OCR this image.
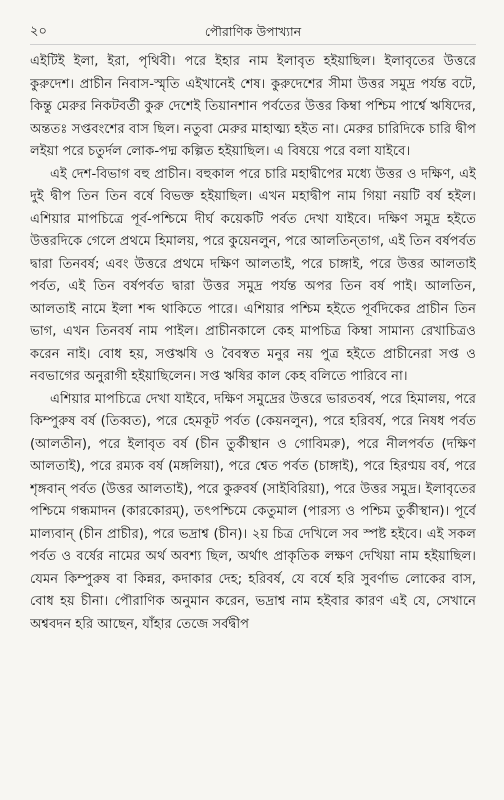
২০	পৌরাণিক উপাখ্যান

এইটিই ইলা, ইরা, পৃথিবী। পরে ইহার নাম ইলাবৃত হইয়াছিল। ইলাবৃতের উত্তরে কুরুদেশ। প্রাচীন নিবাস-স্মৃতি এইখানেই শেষ। কুরুদেশের সীমা উত্তর সমুদ্র পর্যন্ত বটে, কিন্তু মেরুর নিকটবর্তী কুরু দেশেই তিয়ানশান পর্বতের উত্তর কিম্বা পশ্চিম পার্শ্বে ঋষিদের, অন্ততঃ সপ্তবংশের বাস ছিল। নতুবা মেরুর মাহাত্ম্য হইত না। মেরুর চারিদিকে চারি দ্বীপ লইয়া পরে চতুর্দল লোক-পদ্ম কল্পিত হইয়াছিল। এ বিষয়ে পরে বলা যাইবে।

এই দেশ-বিভাগ বহু প্রাচীন। বহুকাল পরে চারি মহাদ্বীপের মধ্যে উত্তর ও দক্ষিণ, এই দুই দ্বীপ তিন তিন বর্ষে বিভক্ত হইয়াছিল। এখন মহাদ্বীপ নাম গিয়া নয়টি বর্ষ হইল। এশিয়ার মাপচিত্রে পূর্ব-পশ্চিমে দীর্ঘ কয়েকটি পর্বত দেখা যাইবে। দক্ষিণ সমুদ্র হইতে উত্তরদিকে গেলে প্রথমে হিমালয়, পরে কুয়েনলুন, পরে আলতিন্‌তাগ, এই তিন বর্ষপর্বত দ্বারা তিনবর্ষ; এবং উত্তরে প্রথমে দক্ষিণ আলতাই, পরে চাঙ্গাই, পরে উত্তর আলতাই পর্বত, এই তিন বর্ষপর্বত দ্বারা উত্তর সমুদ্র পর্যন্ত অপর তিন বর্ষ পাই। আলতিন, আলতাই নামে ইলা শব্দ থাকিতে পারে। এশিয়ার পশ্চিম হইতে পূর্বদিকের প্রাচীন তিন ভাগ, এখন তিনবর্ষ নাম পাইল। প্রাচীনকালে কেহ মাপচিত্র কিম্বা সামান্য রেখাচিত্রও করেন নাই। বোধ হয়, সপ্তঋষি ও বৈবস্বত মনুর নয় পুত্র হইতে প্রাচীনেরা সপ্ত ও নবভাগের অনুরাগী হইয়াছিলেন। সপ্ত ঋষির কাল কেহ বলিতে পারিবে না।

এশিয়ার মাপচিত্রে দেখা যাইবে, দক্ষিণ সমুদ্রের উত্তরে ভারতবর্ষ, পরে হিমালয়, পরে কিম্পুরুষ বর্ষ (তিব্বত), পরে হেমকূট পর্বত (কেয়নলুন), পরে হরিবর্ষ, পরে নিষধ পর্বত (আলতীন), পরে ইলাবৃত বর্ষ (চীন তুর্কীস্থান ও গোবিমরু), পরে নীলপর্বত (দক্ষিণ আলতাই), পরে রম্যক বর্ষ (মঙ্গলিয়া), পরে শ্বেত পর্বত (চাঙ্গাই), পরে হিরণ্ময় বর্ষ, পরে শৃঙ্গবান্‌ পর্বত (উত্তর আলতাই), পরে কুরুবর্ষ (সাইবিরিয়া), পরে উত্তর সমুদ্র। ইলাবৃতের পশ্চিমে গন্ধমাদন (কারকোরম্‌), তৎপশ্চিমে কেতুমাল (পারস্য ও পশ্চিম তুর্কীস্থান)। পূর্বে মাল্যবান্‌ (চীন প্রাচীর), পরে ভদ্রাশ্ব (চীন)। ২য় চিত্র দেখিলে সব স্পষ্ট হইবে। এই সকল পর্বত ও বর্ষের নামের অর্থ অবশ্য ছিল, অর্থাৎ প্রাকৃতিক লক্ষণ দেখিয়া নাম হইয়াছিল। যেমন কিম্পুরুষ বা কিন্নর, কদাকার দেহ; হরিবর্ষ, যে বর্ষে হরি সুবর্ণাভ লোকের বাস, বোধ হয় চীনা। পৌরাণিক অনুমান করেন, ভদ্রাশ্ব নাম হইবার কারণ এই যে, সেখানে অশ্ববদন হরি আছেন, যাঁহার তেজে সর্বদ্বীপ
